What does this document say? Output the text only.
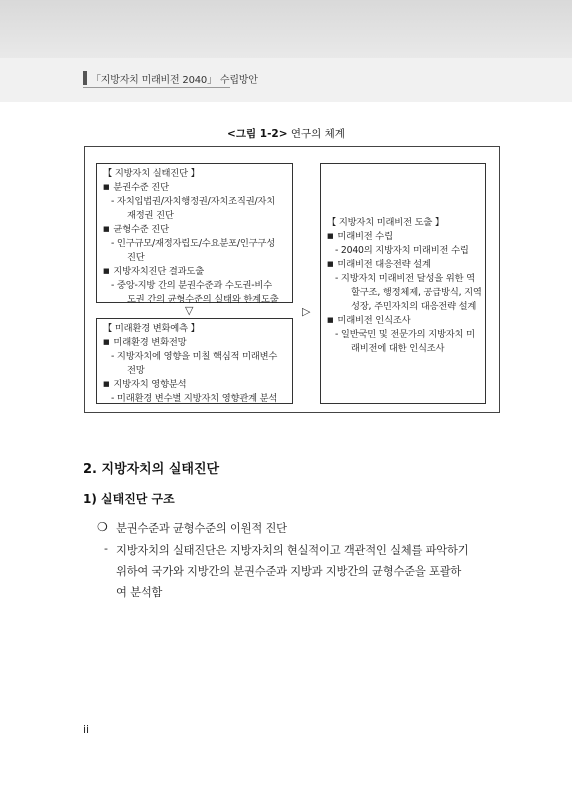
「지방자치 미래비전 2040」 수립방안
<그림 1-2> 연구의 체계
【 지방자치 실태진단 】
■ 분권수준 진단
- 자치입법권/자치행정권/자치조직권/자치
재정권 진단
■ 균형수준 진단
- 인구규모/재정자립도/수요분포/인구구성
진단
■ 지방자치진단 결과도출
- 중앙-지방 간의 분권수준과 수도권-비수
도권 간의 균형수준의 실태와 한계도출
▽
【 미래환경 변화예측 】
■ 미래환경 변화전망
- 지방자치에 영향을 미칠 핵심적 미래변수
전망
■ 지방자치 영향분석
- 미래환경 변수별 지방자치 영향관계 분석
▷
【 지방자치 미래비전 도출 】
■ 미래비전 수립
- 2040의 지방자치 미래비전 수립
■ 미래비전 대응전략 설계
- 지방자치 미래비전 달성을 위한 역
할구조, 행정체제, 공급방식, 지역
성장, 주민자치의 대응전략 설계
■ 미래비전 인식조사
- 일반국민 및 전문가의 지방자치 미
래비전에 대한 인식조사
2. 지방자치의 실태진단
1) 실태진단 구조
❍ 분권수준과 균형수준의 이원적 진단
- 지방자치의 실태진단은 지방자치의 현실적이고 객관적인 실체를 파악하기
위하여 국가와 지방간의 분권수준과 지방과 지방간의 균형수준을 포괄하
여 분석함
ii
